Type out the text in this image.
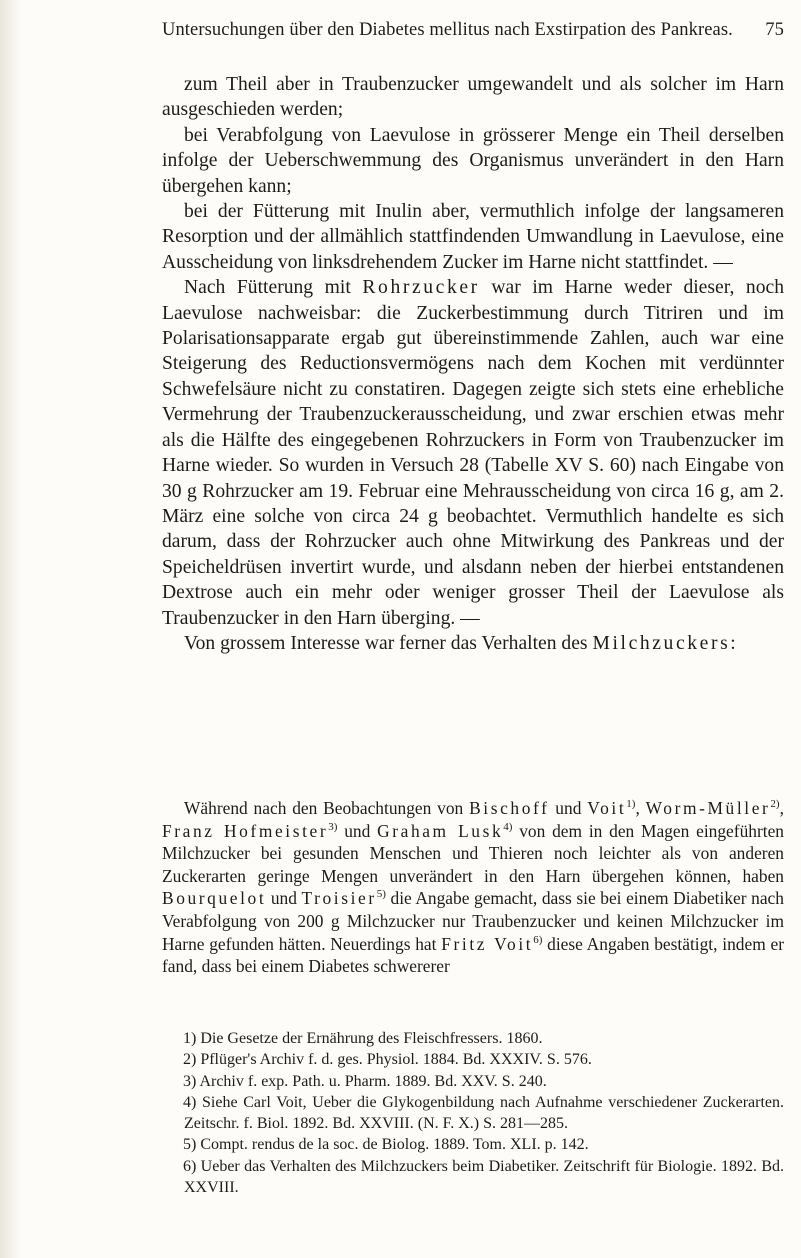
Untersuchungen über den Diabetes mellitus nach Exstirpation des Pankreas. 75

zum Theil aber in Traubenzucker umgewandelt und als solcher im Harn ausgeschieden werden;

bei Verabfolgung von Laevulose in grösserer Menge ein Theil derselben infolge der Ueberschwemmung des Organismus unverändert in den Harn übergehen kann;

bei der Fütterung mit Inulin aber, vermuthlich infolge der langsameren Resorption und der allmählich stattfindenden Umwandlung in Laevulose, eine Ausscheidung von linksdrehendem Zucker im Harne nicht stattfindet. —

Nach Fütterung mit Rohrzucker war im Harne weder dieser, noch Laevulose nachweisbar: die Zuckerbestimmung durch Titriren und im Polarisationsapparate ergab gut übereinstimmende Zahlen, auch war eine Steigerung des Reductionsvermögens nach dem Kochen mit verdünnter Schwefelsäure nicht zu constatiren. Dagegen zeigte sich stets eine erhebliche Vermehrung der Traubenzuckerausscheidung, und zwar erschien etwas mehr als die Hälfte des eingegebenen Rohrzuckers in Form von Traubenzucker im Harne wieder. So wurden in Versuch 28 (Tabelle XV S. 60) nach Eingabe von 30 g Rohrzucker am 19. Februar eine Mehrausscheidung von circa 16 g, am 2. März eine solche von circa 24 g beobachtet. Vermuthlich handelte es sich darum, dass der Rohrzucker auch ohne Mitwirkung des Pankreas und der Speicheldrüsen invertirt wurde, und alsdann neben der hierbei entstandenen Dextrose auch ein mehr oder weniger grosser Theil der Laevulose als Traubenzucker in den Harn überging. —

Von grossem Interesse war ferner das Verhalten des Milchzuckers:

Während nach den Beobachtungen von Bischoff und Voit$^{1)}$, Worm-Müller$^{2)}$, Franz Hofmeister$^{3)}$ und Graham Lusk$^{4)}$ von dem in den Magen eingeführten Milchzucker bei gesunden Menschen und Thieren noch leichter als von anderen Zuckerarten geringe Mengen unverändert in den Harn übergehen können, haben Bourquelot und Troisier$^{5)}$ die Angabe gemacht, dass sie bei einem Diabetiker nach Verabfolgung von 200 g Milchzucker nur Traubenzucker und keinen Milchzucker im Harne gefunden hätten. Neuerdings hat Fritz Voit$^{6)}$ diese Angaben bestätigt, indem er fand, dass bei einem Diabetes schwererer

1) Die Gesetze der Ernährung des Fleischfressers. 1860.

2) Pflüger's Archiv f. d. ges. Physiol. 1884. Bd. XXXIV. S. 576.

3) Archiv f. exp. Path. u. Pharm. 1889. Bd. XXV. S. 240.

4) Siehe Carl Voit, Ueber die Glykogenbildung nach Aufnahme verschiedener Zuckerarten. Zeitschr. f. Biol. 1892. Bd. XXVIII. (N. F. X.) S. 281—285.

5) Compt. rendus de la soc. de Biolog. 1889. Tom. XLI. p. 142.

6) Ueber das Verhalten des Milchzuckers beim Diabetiker. Zeitschrift für Biologie. 1892. Bd. XXVIII.
